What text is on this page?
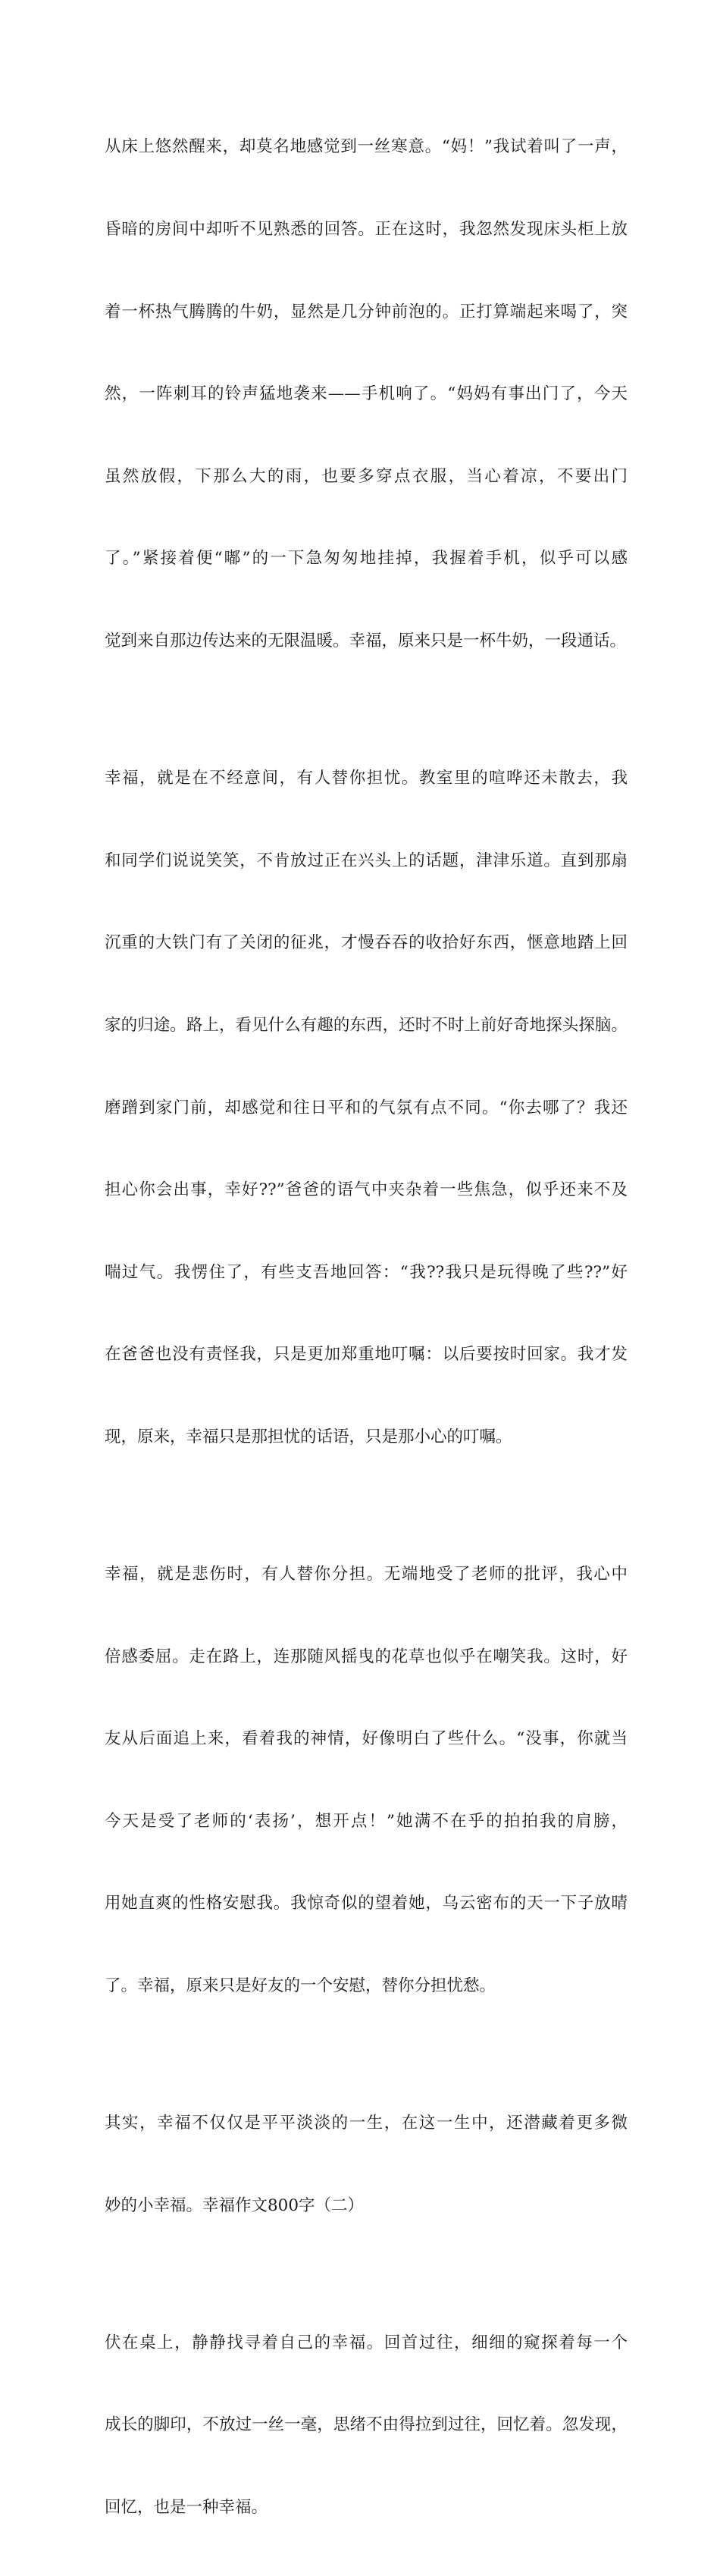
从床上悠然醒来，却莫名地感觉到一丝寒意。“妈！”我试着叫了一声，

昏暗的房间中却听不见熟悉的回答。正在这时，我忽然发现床头柜上放

着一杯热气腾腾的牛奶，显然是几分钟前泡的。正打算端起来喝了，突

然，一阵刺耳的铃声猛地袭来——手机响了。“妈妈有事出门了，今天

虽然放假，下那么大的雨，也要多穿点衣服，当心着凉，不要出门

了。”紧接着便“嘟”的一下急匆匆地挂掉，我握着手机，似乎可以感

觉到来自那边传达来的无限温暖。幸福，原来只是一杯牛奶，一段通话。

幸福，就是在不经意间，有人替你担忧。教室里的喧哗还未散去，我

和同学们说说笑笑，不肯放过正在兴头上的话题，津津乐道。直到那扇

沉重的大铁门有了关闭的征兆，才慢吞吞的收拾好东西，惬意地踏上回

家的归途。路上，看见什么有趣的东西，还时不时上前好奇地探头探脑。

磨蹭到家门前，却感觉和往日平和的气氛有点不同。“你去哪了？我还

担心你会出事，幸好??”爸爸的语气中夹杂着一些焦急，似乎还来不及

喘过气。我愣住了，有些支吾地回答：“我??我只是玩得晚了些??”好

在爸爸也没有责怪我，只是更加郑重地叮嘱：以后要按时回家。我才发

现，原来，幸福只是那担忧的话语，只是那小心的叮嘱。

幸福，就是悲伤时，有人替你分担。无端地受了老师的批评，我心中

倍感委屈。走在路上，连那随风摇曳的花草也似乎在嘲笑我。这时，好

友从后面追上来，看着我的神情，好像明白了些什么。“没事，你就当

今天是受了老师的‘表扬’，想开点！”她满不在乎的拍拍我的肩膀，

用她直爽的性格安慰我。我惊奇似的望着她，乌云密布的天一下子放晴

了。幸福，原来只是好友的一个安慰，替你分担忧愁。

其实，幸福不仅仅是平平淡淡的一生，在这一生中，还潜藏着更多微

妙的小幸福。幸福作文800字（二）

伏在桌上，静静找寻着自己的幸福。回首过往，细细的窥探着每一个

成长的脚印，不放过一丝一毫，思绪不由得拉到过往，回忆着。忽发现，

回忆，也是一种幸福。
